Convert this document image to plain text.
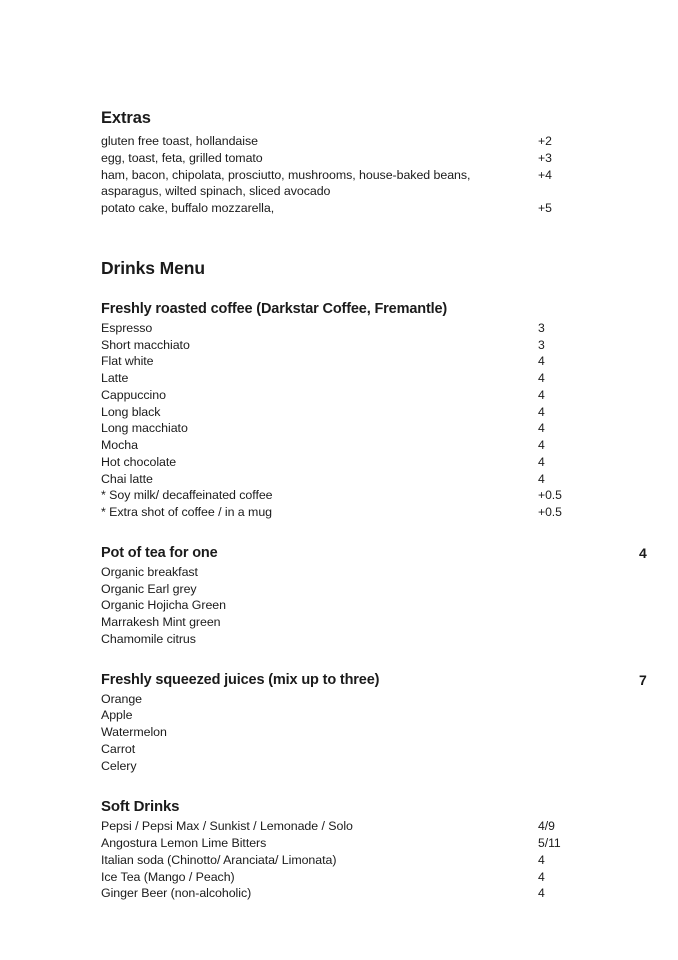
Extras
gluten free toast, hollandaise	+2
egg, toast, feta, grilled tomato	+3
ham, bacon, chipolata, prosciutto, mushrooms, house-baked beans,	+4
asparagus, wilted spinach, sliced avocado
potato cake, buffalo mozzarella,	+5
Drinks Menu
Freshly roasted coffee (Darkstar Coffee, Fremantle)
Espresso	3
Short macchiato	3
Flat white	4
Latte	4
Cappuccino	4
Long black	4
Long macchiato	4
Mocha	4
Hot chocolate	4
Chai latte	4
* Soy milk/ decaffeinated coffee	+0.5
* Extra shot of coffee / in a mug	+0.5
Pot of tea for one	4
Organic breakfast
Organic Earl grey
Organic Hojicha Green
Marrakesh Mint green
Chamomile citrus
Freshly squeezed juices (mix up to three)	7
Orange
Apple
Watermelon
Carrot
Celery
Soft Drinks
Pepsi / Pepsi Max / Sunkist / Lemonade / Solo	4/9
Angostura Lemon Lime Bitters	5/11
Italian soda (Chinotto/ Aranciata/ Limonata)	4
Ice Tea (Mango / Peach)	4
Ginger Beer (non-alcoholic)	4
